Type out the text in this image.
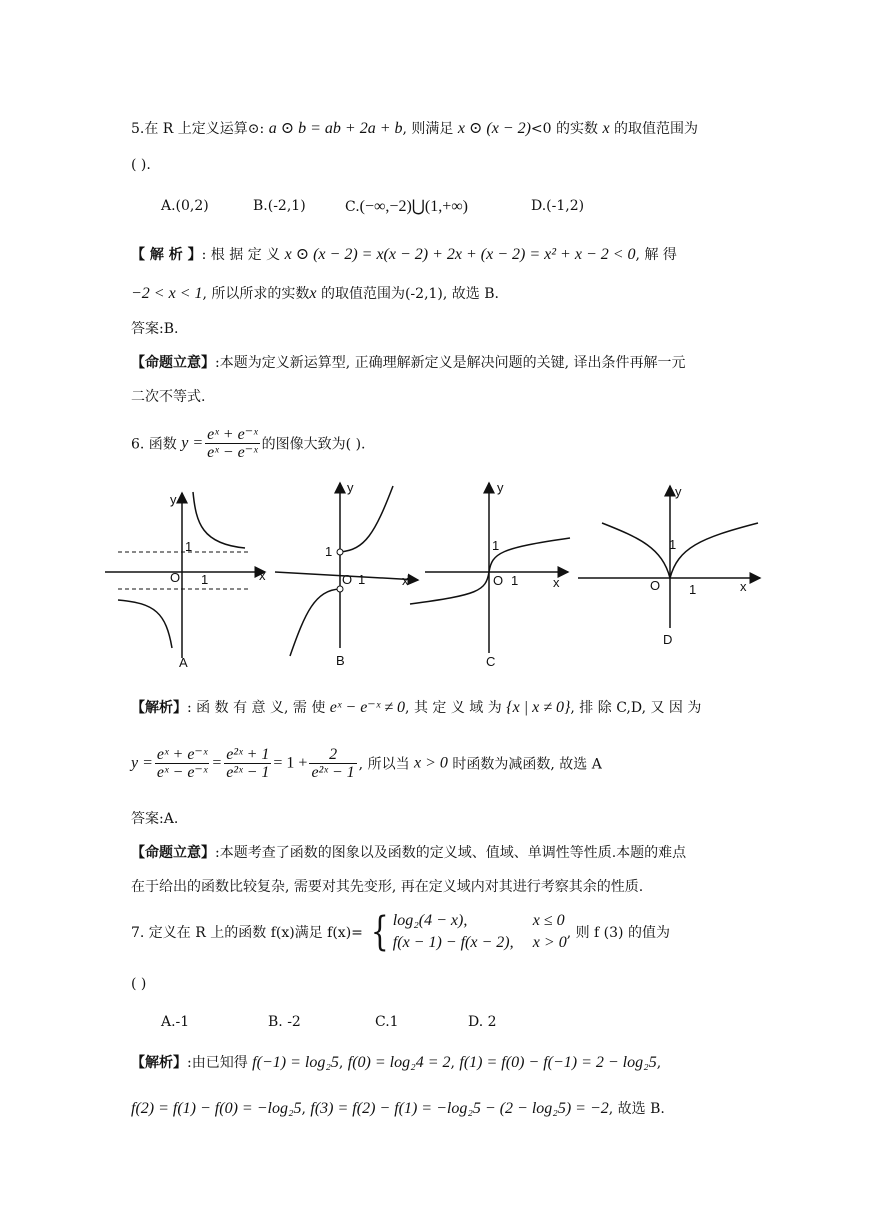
5.在 R 上定义运算⊙: a ⊙ b = ab + 2a + b, 则满足 x ⊙ (x − 2)<0 的实数 x 的取值范围为
( ).
A.(0,2)	B.(-2,1)	C.(−∞,−2)⋃(1,+∞)	D.(-1,2)
【 解 析 】: 根 据 定 义 x ⊙ (x − 2) = x(x − 2) + 2x + (x − 2) = x² + x − 2 < 0, 解 得
−2 < x < 1, 所以所求的实数x 的取值范围为(-2,1), 故选 B.
答案:B.
【命题立意】:本题为定义新运算型, 正确理解新定义是解决问题的关键, 译出条件再解一元
二次不等式.
6. 函数 $y = \frac{\text{eˣ + e⁻ˣ}}{\text{eˣ − e⁻ˣ}}$ 的图像大致为( ).
y
1
O 1	x
A
y
1
O 1	x
B
y
1
O 1	x
C
y
1
O 1	x
D
【解析】: 函 数 有 意 义, 需 使 eˣ − e⁻ˣ ≠ 0, 其 定 义 域 为 {x | x ≠ 0}, 排 除 C,D, 又 因 为
$y = \frac{\text{eˣ + e⁻ˣ}}{\text{eˣ − e⁻ˣ}} = \frac{\text{e²ˣ + 1}}{\text{e²ˣ − 1}} = 1 + \frac{2}{\text{e²ˣ − 1}}$ , 所以当 x > 0 时函数为减函数, 故选 A
答案:A.
【命题立意】:本题考查了函数的图象以及函数的定义域、值域、单调性等性质.本题的难点
在于给出的函数比较复杂, 需要对其先变形, 再在定义域内对其进行考察其余的性质.
7. 定义在 R 上的函数 f(x)满足 f(x)= { log₂(4 − x),	x ≤ 0
f(x − 1) − f(x − 2), x > 0
, 则 f (3) 的值为
( )
A.-1	B. -2	C.1	D. 2
【解析】:由已知得 f(−1) = log₂5, f(0) = log₂4 = 2, f(1) = f(0) − f(−1) = 2 − log₂5,
f(2) = f(1) − f(0) = −log₂5, f(3) = f(2) − f(1) = −log₂5 − (2 − log₂5) = −2, 故选 B.
